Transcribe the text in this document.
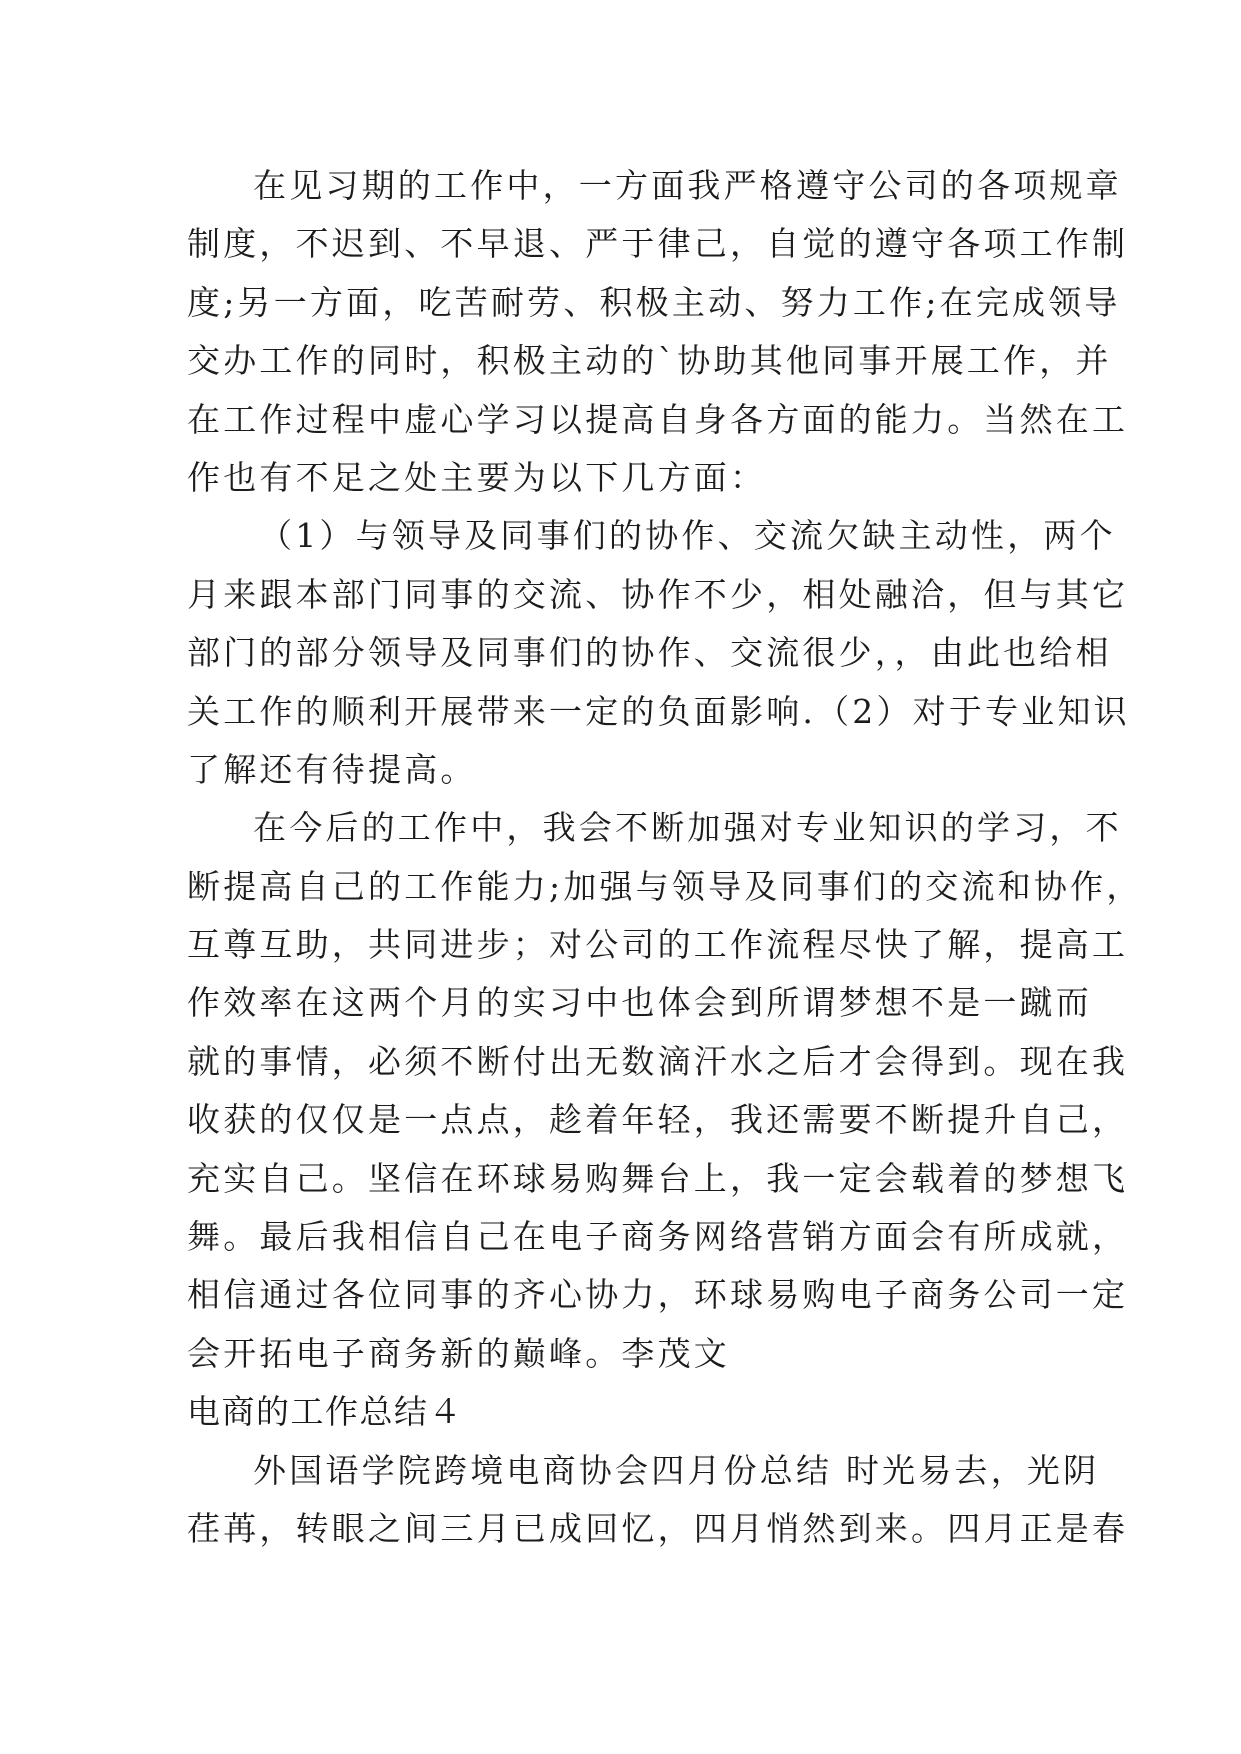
在见习期的工作中，一方面我严格遵守公司的各项规章
制度，不迟到、不早退、严于律己，自觉的遵守各项工作制
度;另一方面，吃苦耐劳、积极主动、努力工作;在完成领导
交办工作的同时，积极主动的`协助其他同事开展工作，并
在工作过程中虚心学习以提高自身各方面的能力。当然在工
作也有不足之处主要为以下几方面：
（1）与领导及同事们的协作、交流欠缺主动性，两个
月来跟本部门同事的交流、协作不少，相处融洽，但与其它
部门的部分领导及同事们的协作、交流很少，，由此也给相
关工作的顺利开展带来一定的负面影响.（2）对于专业知识
了解还有待提高。
在今后的工作中，我会不断加强对专业知识的学习，不
断提高自己的工作能力;加强与领导及同事们的交流和协作，
互尊互助，共同进步；对公司的工作流程尽快了解，提高工
作效率在这两个月的实习中也体会到所谓梦想不是一蹴而
就的事情，必须不断付出无数滴汗水之后才会得到。现在我
收获的仅仅是一点点，趁着年轻，我还需要不断提升自己，
充实自己。坚信在环球易购舞台上，我一定会载着的梦想飞
舞。最后我相信自己在电子商务网络营销方面会有所成就，
相信通过各位同事的齐心协力，环球易购电子商务公司一定
会开拓电子商务新的巅峰。李茂文
电商的工作总结４
外国语学院跨境电商协会四月份总结 时光易去，光阴
荏苒，转眼之间三月已成回忆，四月悄然到来。四月正是春
